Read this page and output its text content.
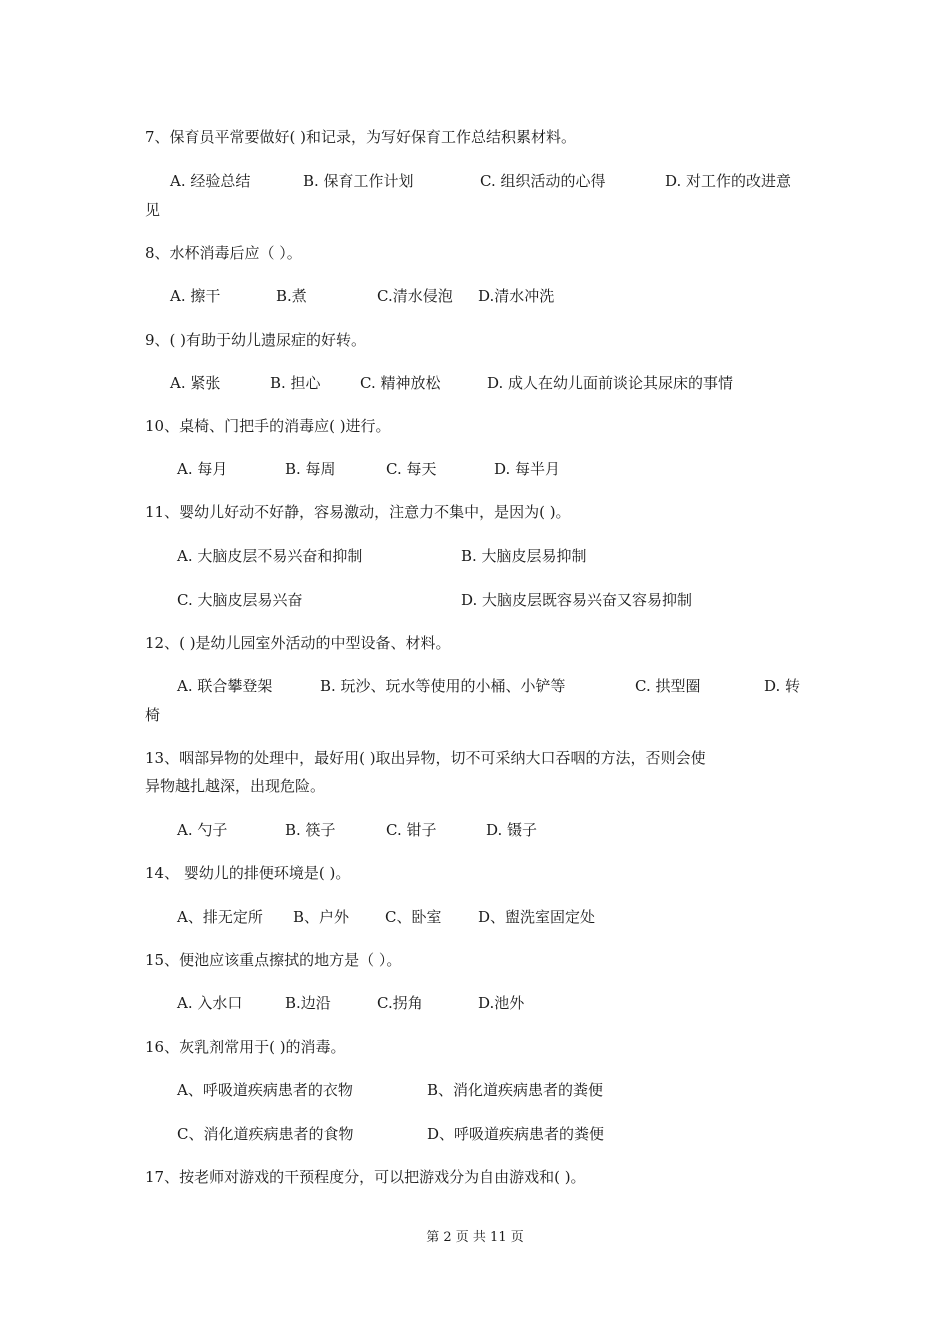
7、保育员平常要做好( )和记录，为写好保育工作总结积累材料。
A. 经验总结	B. 保育工作计划	C. 组织活动的心得	D. 对工作的改进意
见
8、水杯消毒后应（ ）。
A. 擦干	B.煮	C.清水侵泡 D.清水冲洗
9、( )有助于幼儿遗尿症的好转。
A. 紧张	B. 担心	C. 精神放松	D. 成人在幼儿面前谈论其尿床的事情
10、桌椅、门把手的消毒应( )进行。
A. 每月	B. 每周	C. 每天	D. 每半月
11、婴幼儿好动不好静，容易激动，注意力不集中，是因为( )。
A. 大脑皮层不易兴奋和抑制	B. 大脑皮层易抑制
C. 大脑皮层易兴奋	D. 大脑皮层既容易兴奋又容易抑制
12、( )是幼儿园室外活动的中型设备、材料。
A. 联合攀登架	B. 玩沙、玩水等使用的小桶、小铲等	C. 拱型圈	D. 转
椅
13、咽部异物的处理中，最好用( )取出异物，切不可采纳大口吞咽的方法，否则会使
异物越扎越深，出现危险。
A. 勺子	B. 筷子	C. 钳子	D. 镊子
14、 婴幼儿的排便环境是( )。
A、排无定所 B、户外 C、卧室 D、盥洗室固定处
15、便池应该重点擦拭的地方是（ ）。
A. 入水口	B.边沿	C.拐角	D.池外
16、灰乳剂常用于( )的消毒。
A、呼吸道疾病患者的衣物	B、消化道疾病患者的粪便
C、消化道疾病患者的食物	D、呼吸道疾病患者的粪便
17、按老师对游戏的干预程度分，可以把游戏分为自由游戏和( )。
第 2 页 共 11 页
